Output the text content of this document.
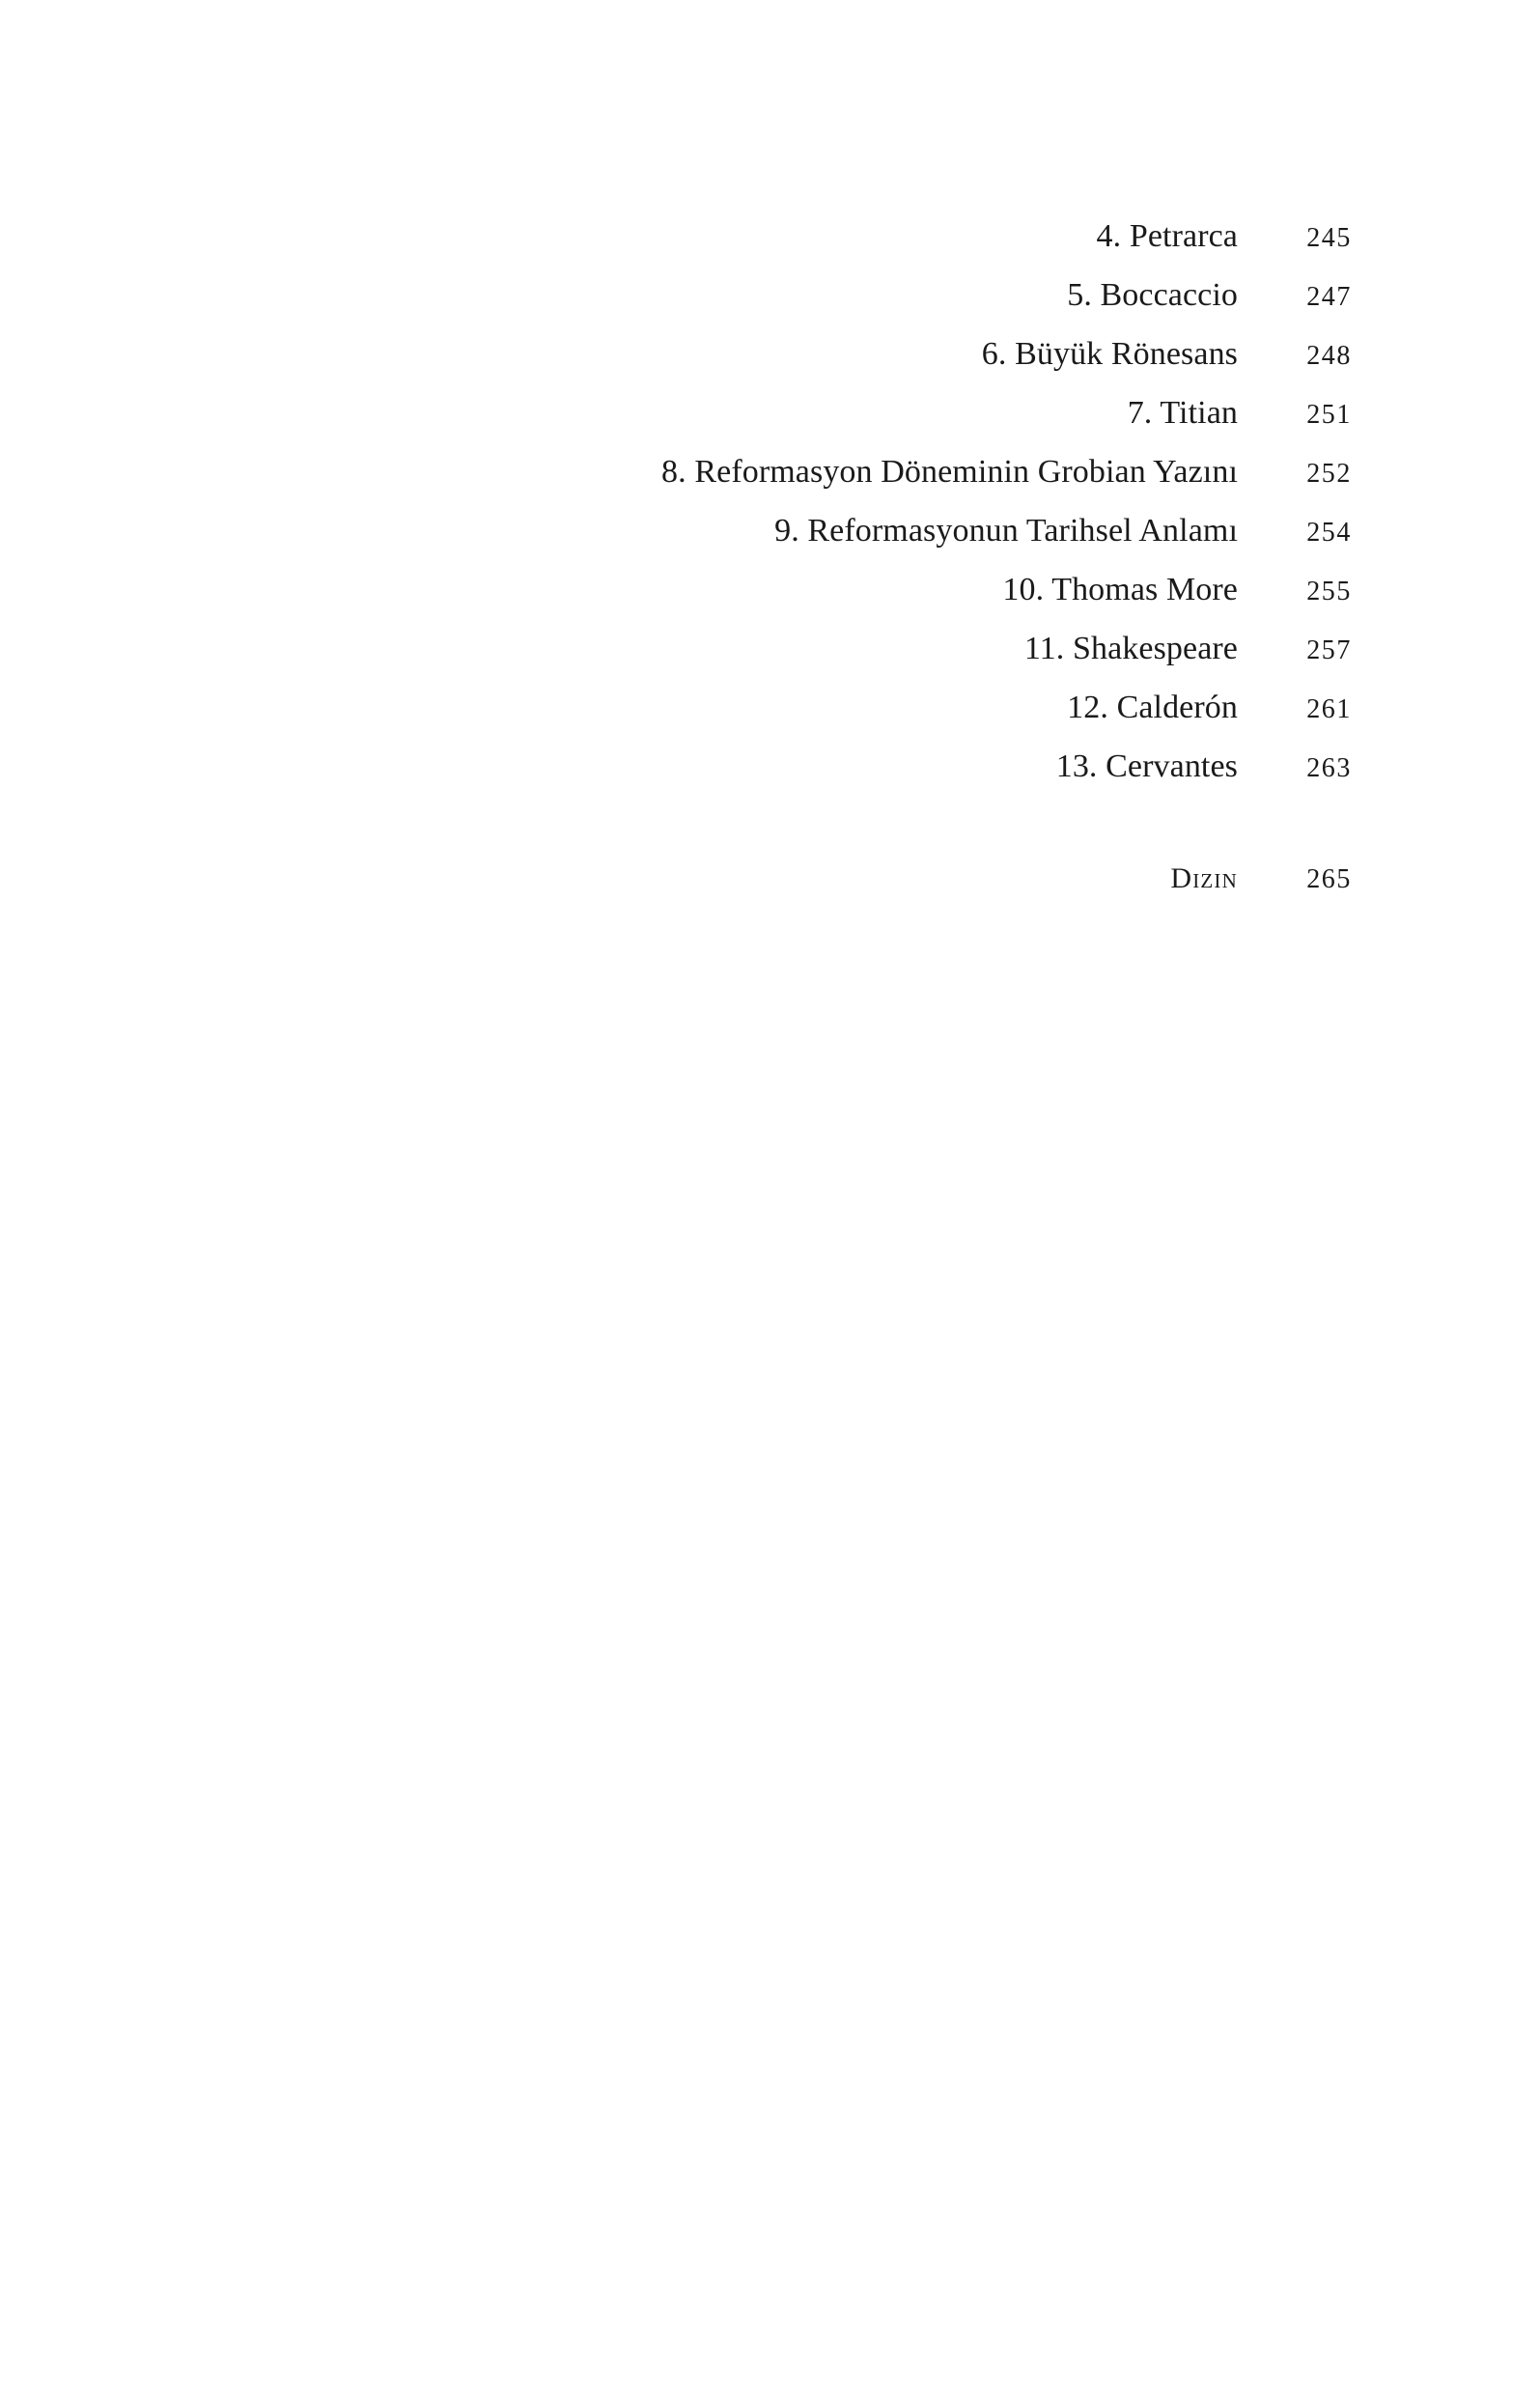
4. Petrarca	245
5. Boccaccio	247
6. Büyük Rönesans	248
7. Titian	251
8. Reformasyon Döneminin Grobian Yazını	252
9. Reformasyonun Tarihsel Anlamı	254
10. Thomas More	255
11. Shakespeare	257
12. Calderón	261
13. Cervantes	263
Dizin	265
